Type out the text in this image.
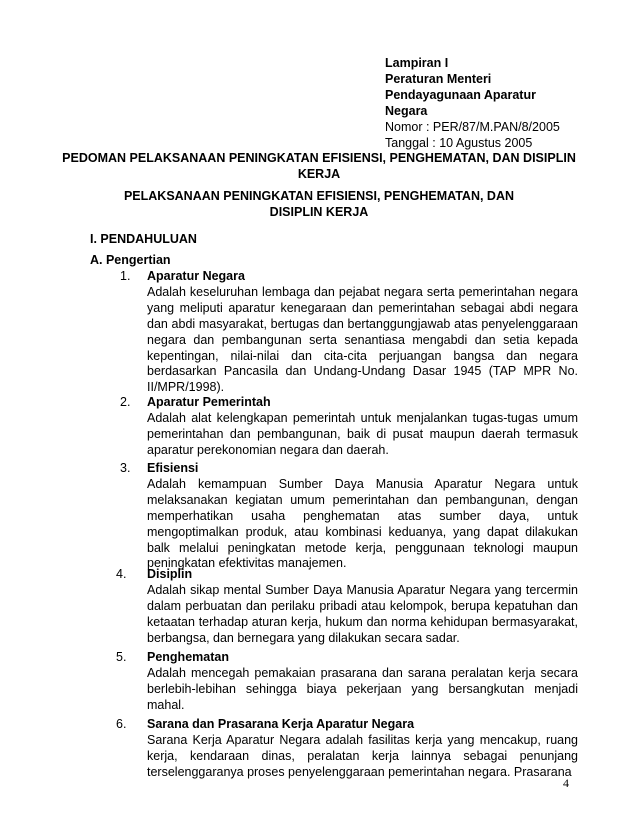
Lampiran I
Peraturan Menteri
Pendayagunaan Aparatur
Negara
Nomor : PER/87/M.PAN/8/2005
Tanggal : 10 Agustus 2005
PEDOMAN PELAKSANAAN PENINGKATAN EFISIENSI, PENGHEMATAN, DAN DISIPLIN KERJA
PELAKSANAAN PENINGKATAN EFISIENSI, PENGHEMATAN, DAN DISIPLIN KERJA
I. PENDAHULUAN
A. Pengertian
1.	Aparatur Negara
Adalah keseluruhan lembaga dan pejabat negara serta pemerintahan negara yang meliputi aparatur kenegaraan dan pemerintahan sebagai abdi negara dan abdi masyarakat, bertugas dan bertanggungjawab atas penyelenggaraan negara dan pembangunan serta senantiasa mengabdi dan setia kepada kepentingan, nilai-nilai dan cita-cita perjuangan bangsa dan negara berdasarkan Pancasila dan Undang-Undang Dasar 1945 (TAP MPR No. II/MPR/1998).
2.	Aparatur Pemerintah
Adalah alat kelengkapan pemerintah untuk menjalankan tugas-tugas umum pemerintahan dan pembangunan, baik di pusat maupun daerah termasuk aparatur perekonomian negara dan daerah.
3.	Efisiensi
Adalah kemampuan Sumber Daya Manusia Aparatur Negara untuk melaksanakan kegiatan umum pemerintahan dan pembangunan, dengan memperhatikan usaha penghematan atas sumber daya, untuk mengoptimalkan produk, atau kombinasi keduanya, yang dapat dilakukan balk melalui peningkatan metode kerja, penggunaan teknologi maupun peningkatan efektivitas manajemen.
4.	Disiplin
Adalah sikap mental Sumber Daya Manusia Aparatur Negara yang tercermin dalam perbuatan dan perilaku pribadi atau kelompok, berupa kepatuhan dan ketaatan terhadap aturan kerja, hukum dan norma kehidupan bermasyarakat, berbangsa, dan bernegara yang dilakukan secara sadar.
5.	Penghematan
Adalah mencegah pemakaian prasarana dan sarana peralatan kerja secara berlebih-lebihan sehingga biaya pekerjaan yang bersangkutan menjadi mahal.
6.	Sarana dan Prasarana Kerja Aparatur Negara
Sarana Kerja Aparatur Negara adalah fasilitas kerja yang mencakup, ruang kerja, kendaraan dinas, peralatan kerja lainnya sebagai penunjang terselenggaranya proses penyelenggaraan pemerintahan negara. Prasarana
4
